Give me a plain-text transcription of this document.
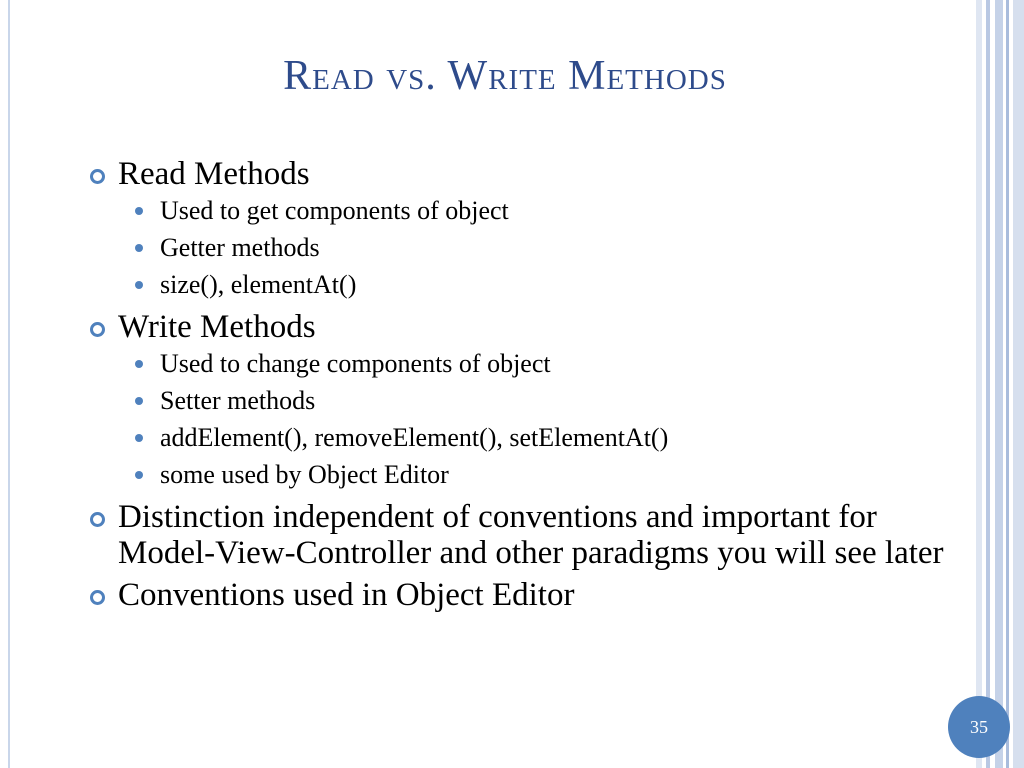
Read vs. Write Methods
Read Methods
Used to get components of object
Getter methods
size(), elementAt()
Write Methods
Used to change components of object
Setter methods
addElement(), removeElement(), setElementAt()
some used by Object Editor
Distinction independent of conventions and important for Model-View-Controller and other paradigms you will see later
Conventions used in Object Editor
35
